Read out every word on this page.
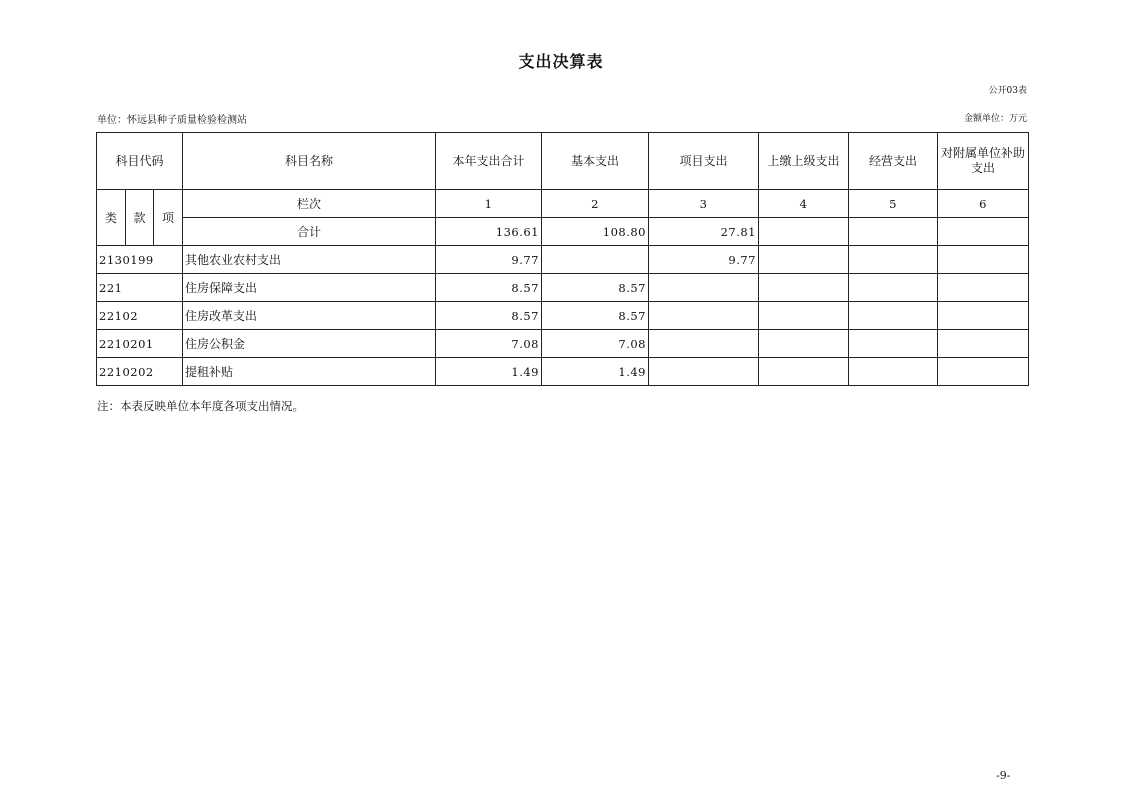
支出决算表
公开03表
单位：怀远县种子质量检验检测站	金额单位：万元
科目代码			科目名称	本年支出合计	基本支出	项目支出	上缴上级支出	经营支出	对附属单位补助支出
类	款	项	栏次	1	2	3	4	5	6
			合计	136.61	108.80	27.81			
2130199			其他农业农村支出	9.77		9.77			
221			住房保障支出	8.57	8.57				
22102			住房改革支出	8.57	8.57				
2210201			住房公积金	7.08	7.08				
2210202			提租补贴	1.49	1.49				
注：本表反映单位本年度各项支出情况。
-9-
